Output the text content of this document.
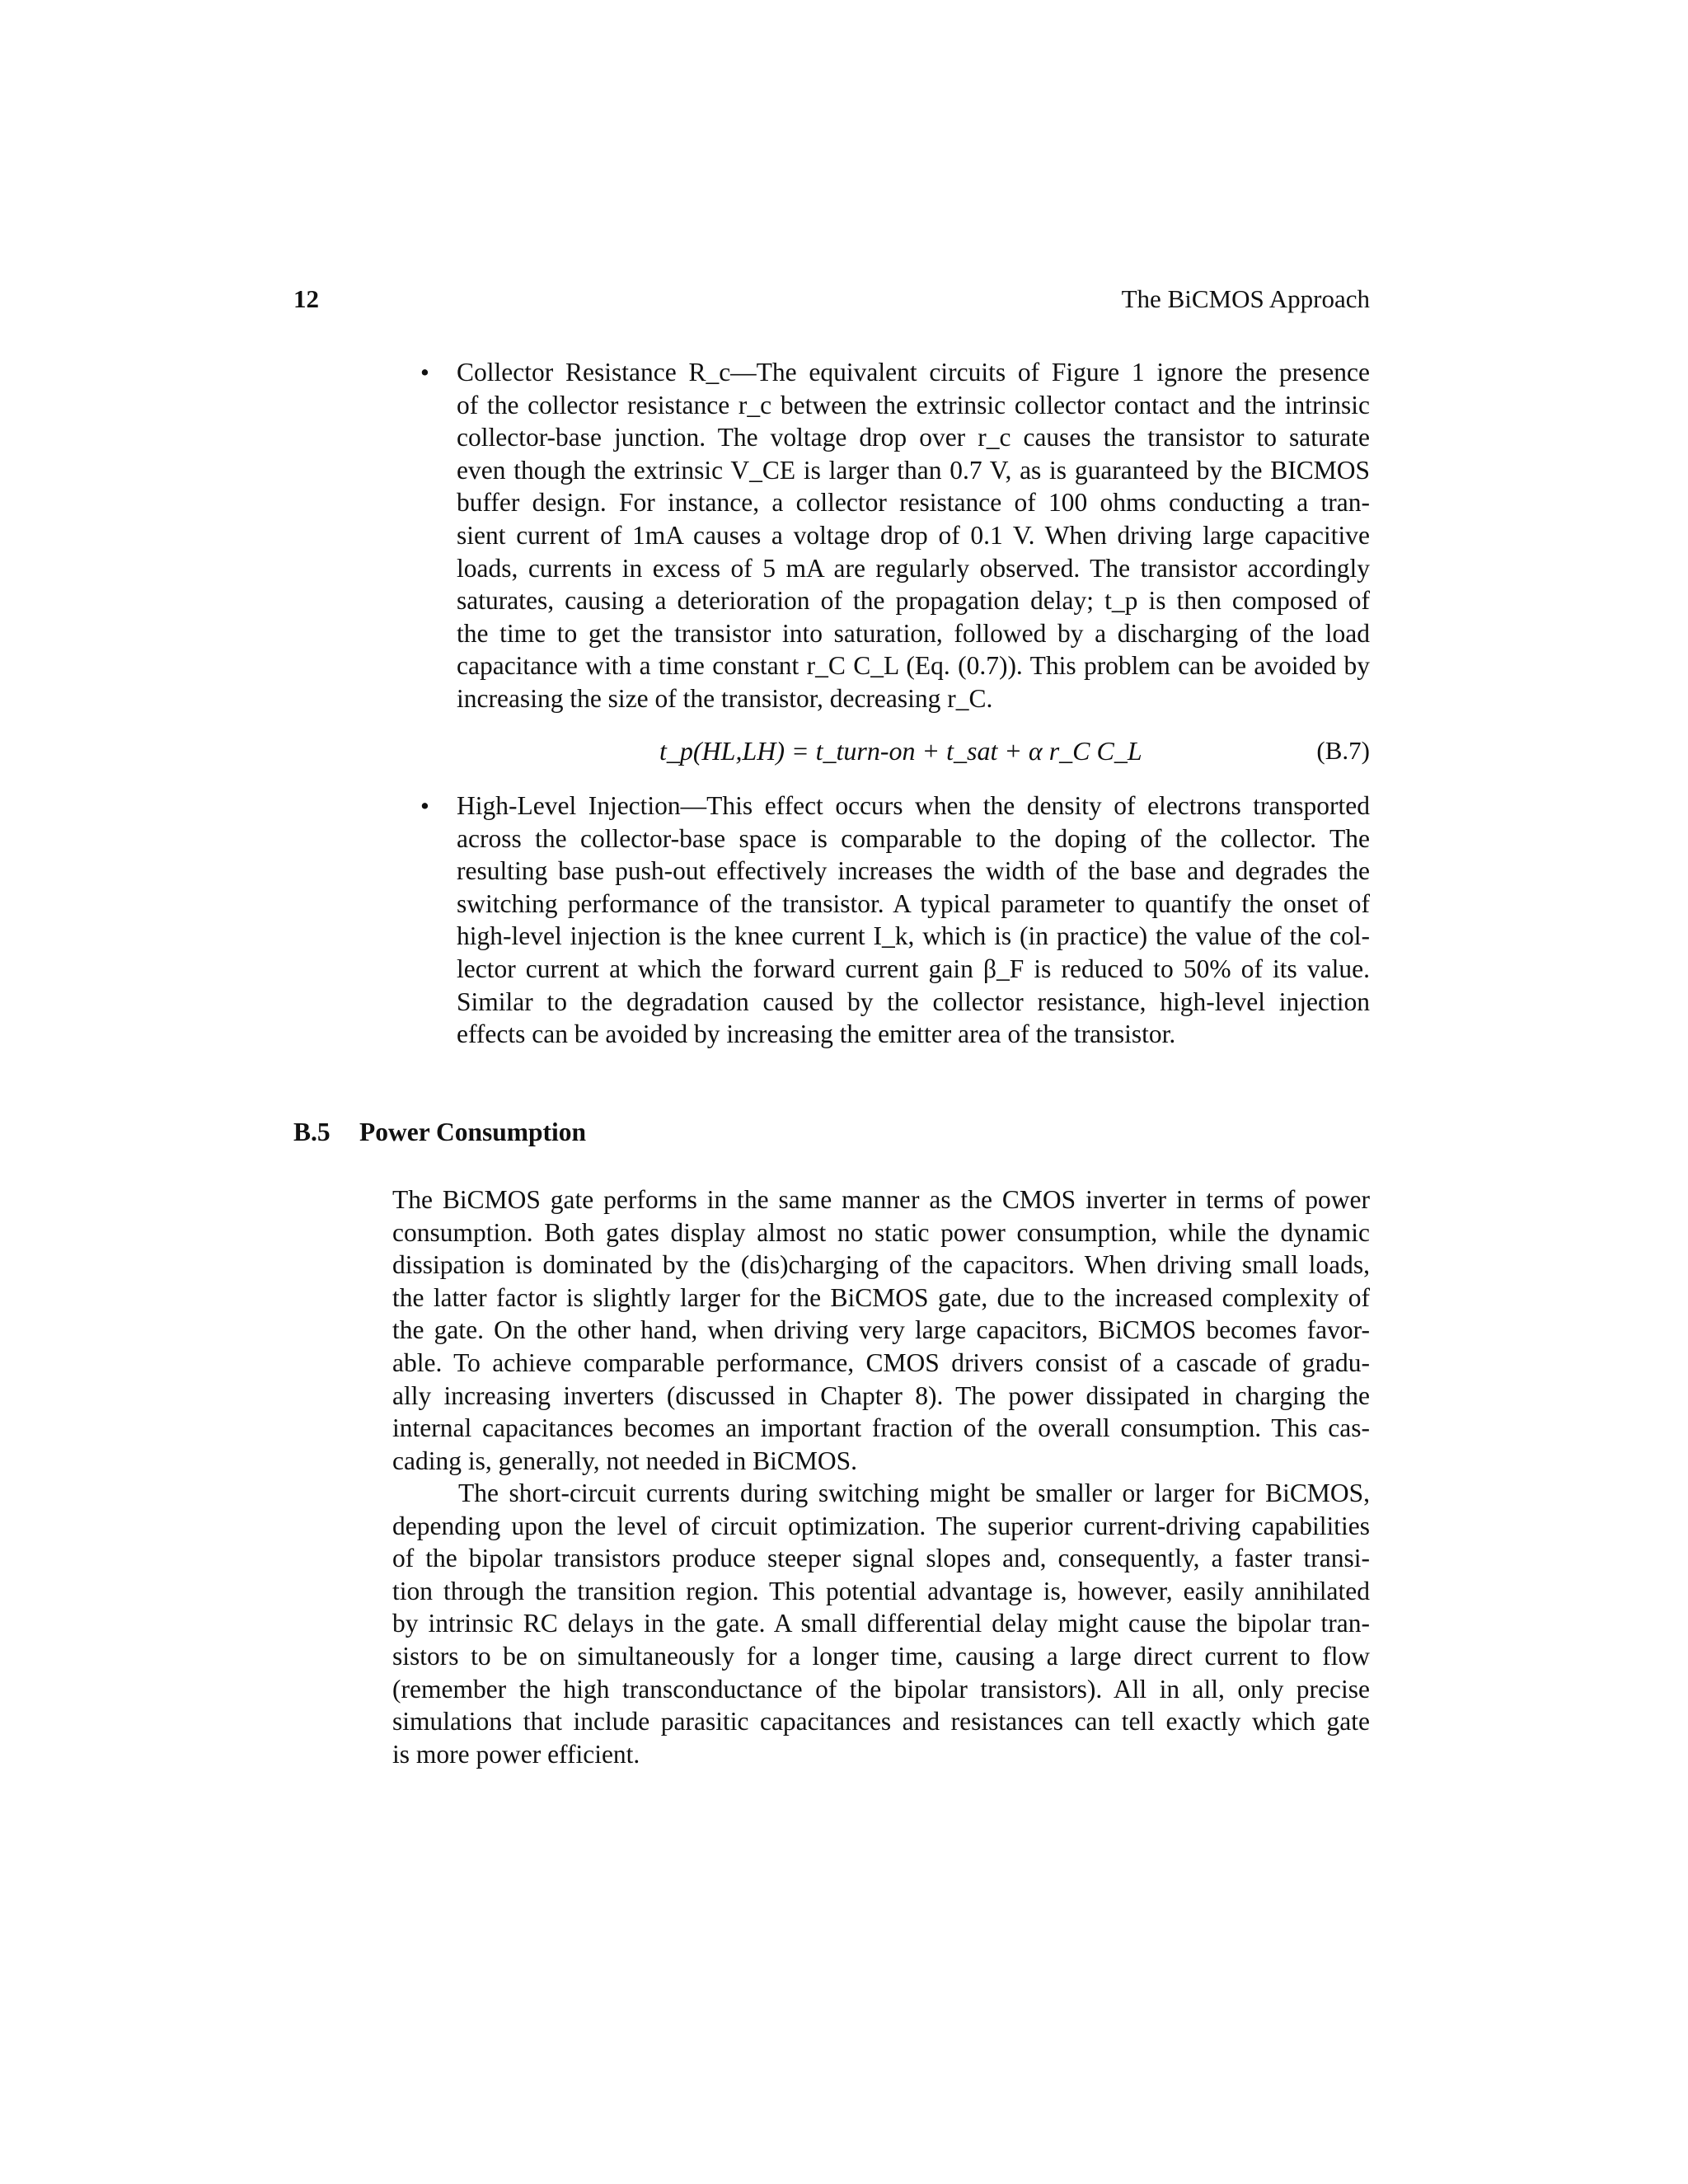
12	The BiCMOS Approach
• Collector Resistance R_c—The equivalent circuits of Figure 1 ignore the presence
of the collector resistance r_c between the extrinsic collector contact and the intrinsic
collector-base junction. The voltage drop over r_c causes the transistor to saturate
even though the extrinsic V_CE is larger than 0.7 V, as is guaranteed by the BICMOS
buffer design. For instance, a collector resistance of 100 ohms conducting a tran-
sient current of 1mA causes a voltage drop of 0.1 V. When driving large capacitive
loads, currents in excess of 5 mA are regularly observed. The transistor accordingly
saturates, causing a deterioration of the propagation delay; t_p is then composed of
the time to get the transistor into saturation, followed by a discharging of the load
capacitance with a time constant r_C C_L (Eq. (0.7)). This problem can be avoided by
increasing the size of the transistor, decreasing r_C.
t_p(HL,LH) = t_turn-on + t_sat + α r_C C_L	(B.7)
• High-Level Injection—This effect occurs when the density of electrons transported
across the collector-base space is comparable to the doping of the collector. The
resulting base push-out effectively increases the width of the base and degrades the
switching performance of the transistor. A typical parameter to quantify the onset of
high-level injection is the knee current I_k, which is (in practice) the value of the col-
lector current at which the forward current gain β_F is reduced to 50% of its value.
Similar to the degradation caused by the collector resistance, high-level injection
effects can be avoided by increasing the emitter area of the transistor.
B.5 Power Consumption
The BiCMOS gate performs in the same manner as the CMOS inverter in terms of power
consumption. Both gates display almost no static power consumption, while the dynamic
dissipation is dominated by the (dis)charging of the capacitors. When driving small loads,
the latter factor is slightly larger for the BiCMOS gate, due to the increased complexity of
the gate. On the other hand, when driving very large capacitors, BiCMOS becomes favor-
able. To achieve comparable performance, CMOS drivers consist of a cascade of gradu-
ally increasing inverters (discussed in Chapter 8). The power dissipated in charging the
internal capacitances becomes an important fraction of the overall consumption. This cas-
cading is, generally, not needed in BiCMOS.
The short-circuit currents during switching might be smaller or larger for BiCMOS,
depending upon the level of circuit optimization. The superior current-driving capabilities
of the bipolar transistors produce steeper signal slopes and, consequently, a faster transi-
tion through the transition region. This potential advantage is, however, easily annihilated
by intrinsic RC delays in the gate. A small differential delay might cause the bipolar tran-
sistors to be on simultaneously for a longer time, causing a large direct current to flow
(remember the high transconductance of the bipolar transistors). All in all, only precise
simulations that include parasitic capacitances and resistances can tell exactly which gate
is more power efficient.
